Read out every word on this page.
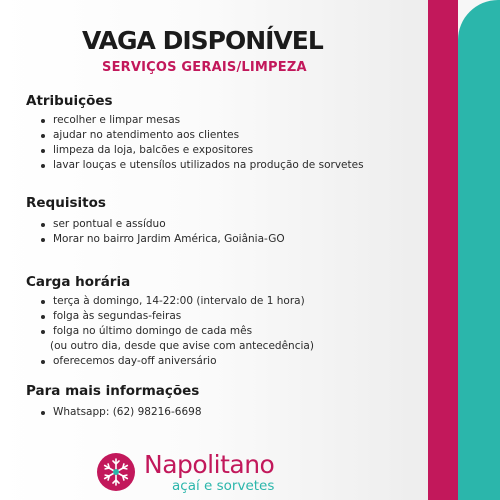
VAGA DISPONÍVEL
SERVIÇOS GERAIS/LIMPEZA
Atribuições
recolher e limpar mesas
ajudar no atendimento aos clientes
limpeza da loja, balcões e expositores
lavar louças e utensílos utilizados na produção de sorvetes
Requisitos
ser pontual e assíduo
Morar no bairro Jardim América, Goiânia-GO
Carga horária
terça à domingo, 14-22:00 (intervalo de 1 hora)
folga às segundas-feiras
folga no último domingo de cada mês
(ou outro dia, desde que avise com antecedência)
oferecemos day-off aniversário
Para mais informações
Whatsapp: (62) 98216-6698
Napolitano
açaí e sorvetes
